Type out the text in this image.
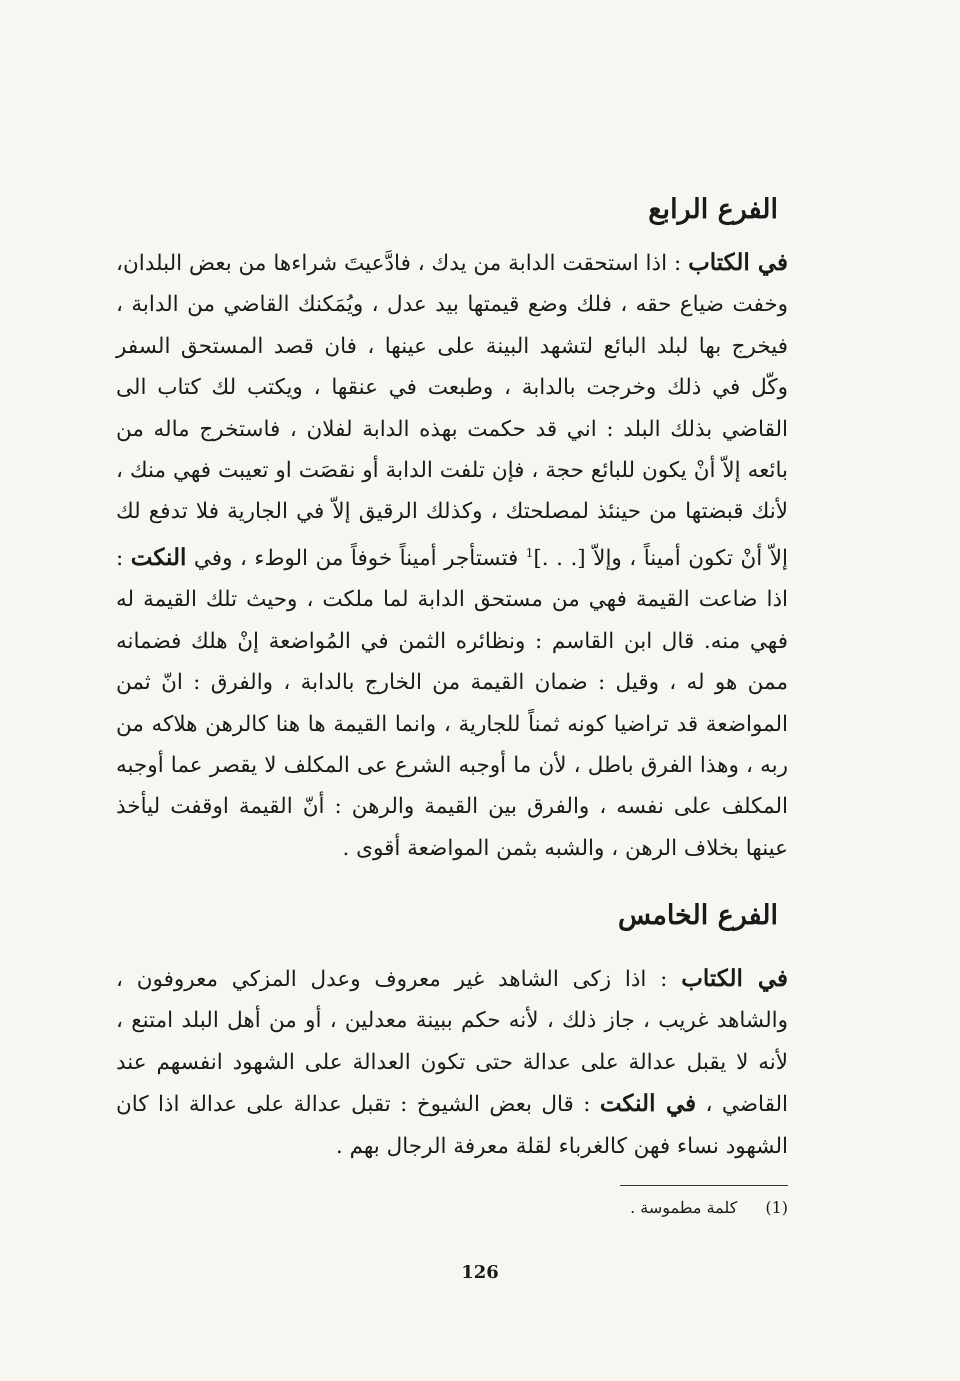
الفرع الرابع

في الكتاب : اذا استحقت الدابة من يدك ، فادَّعيتَ شراءها من بعض البلدان، وخفت ضياع حقه ، فلك وضع قيمتها بيد عدل ، ويُمَكنك القاضي من الدابة ، فيخرج بها لبلد البائع لتشهد البينة على عينها ، فان قصد المستحق السفر وكّل في ذلك وخرجت بالدابة ، وطبعت في عنقها ، ويكتب لك كتاب الى القاضي بذلك البلد : اني قد حكمت بهذه الدابة لفلان ، فاستخرج ماله من بائعه إلاّ أنْ يكون للبائع حجة ، فإن تلفت الدابة أو نقصَت او تعيبت فهي منك ، لأنك قبضتها من حينئذ لمصلحتك ، وكذلك الرقيق إلاّ في الجارية فلا تدفع لك إلاّ أنْ تكون أميناً ، وإلاّ [. . .]$^1$ فتستأجر أميناً خوفاً من الوطء ، وفي النكت : اذا ضاعت القيمة فهي من مستحق الدابة لما ملكت ، وحيث تلك القيمة له فهي منه. قال ابن القاسم : ونظائره الثمن في المُواضعة إنْ هلك فضمانه ممن هو له ، وقيل : ضمان القيمة من الخارج بالدابة ، والفرق : انّ ثمن المواضعة قد تراضيا كونه ثمناً للجارية ، وانما القيمة ها هنا كالرهن هلاكه من ربه ، وهذا الفرق باطل ، لأن ما أوجبه الشرع عى المكلف لا يقصر عما أوجبه المكلف على نفسه ، والفرق بين القيمة والرهن : أنّ القيمة اوقفت ليأخذ عينها بخلاف الرهن ، والشبه بثمن المواضعة أقوى .

الفرع الخامس

في الكتاب : اذا زكى الشاهد غير معروف وعدل المزكي معروفون ، والشاهد غريب ، جاز ذلك ، لأنه حكم ببينة معدلين ، أو من أهل البلد امتنع ، لأنه لا يقبل عدالة على عدالة حتى تكون العدالة على الشهود انفسهم عند القاضي ، في النكت : قال بعض الشيوخ : تقبل عدالة على عدالة اذا كان الشهود نساء فهن كالغرباء لقلة معرفة الرجال بهم .

(1)كلمة مطموسة .
126
